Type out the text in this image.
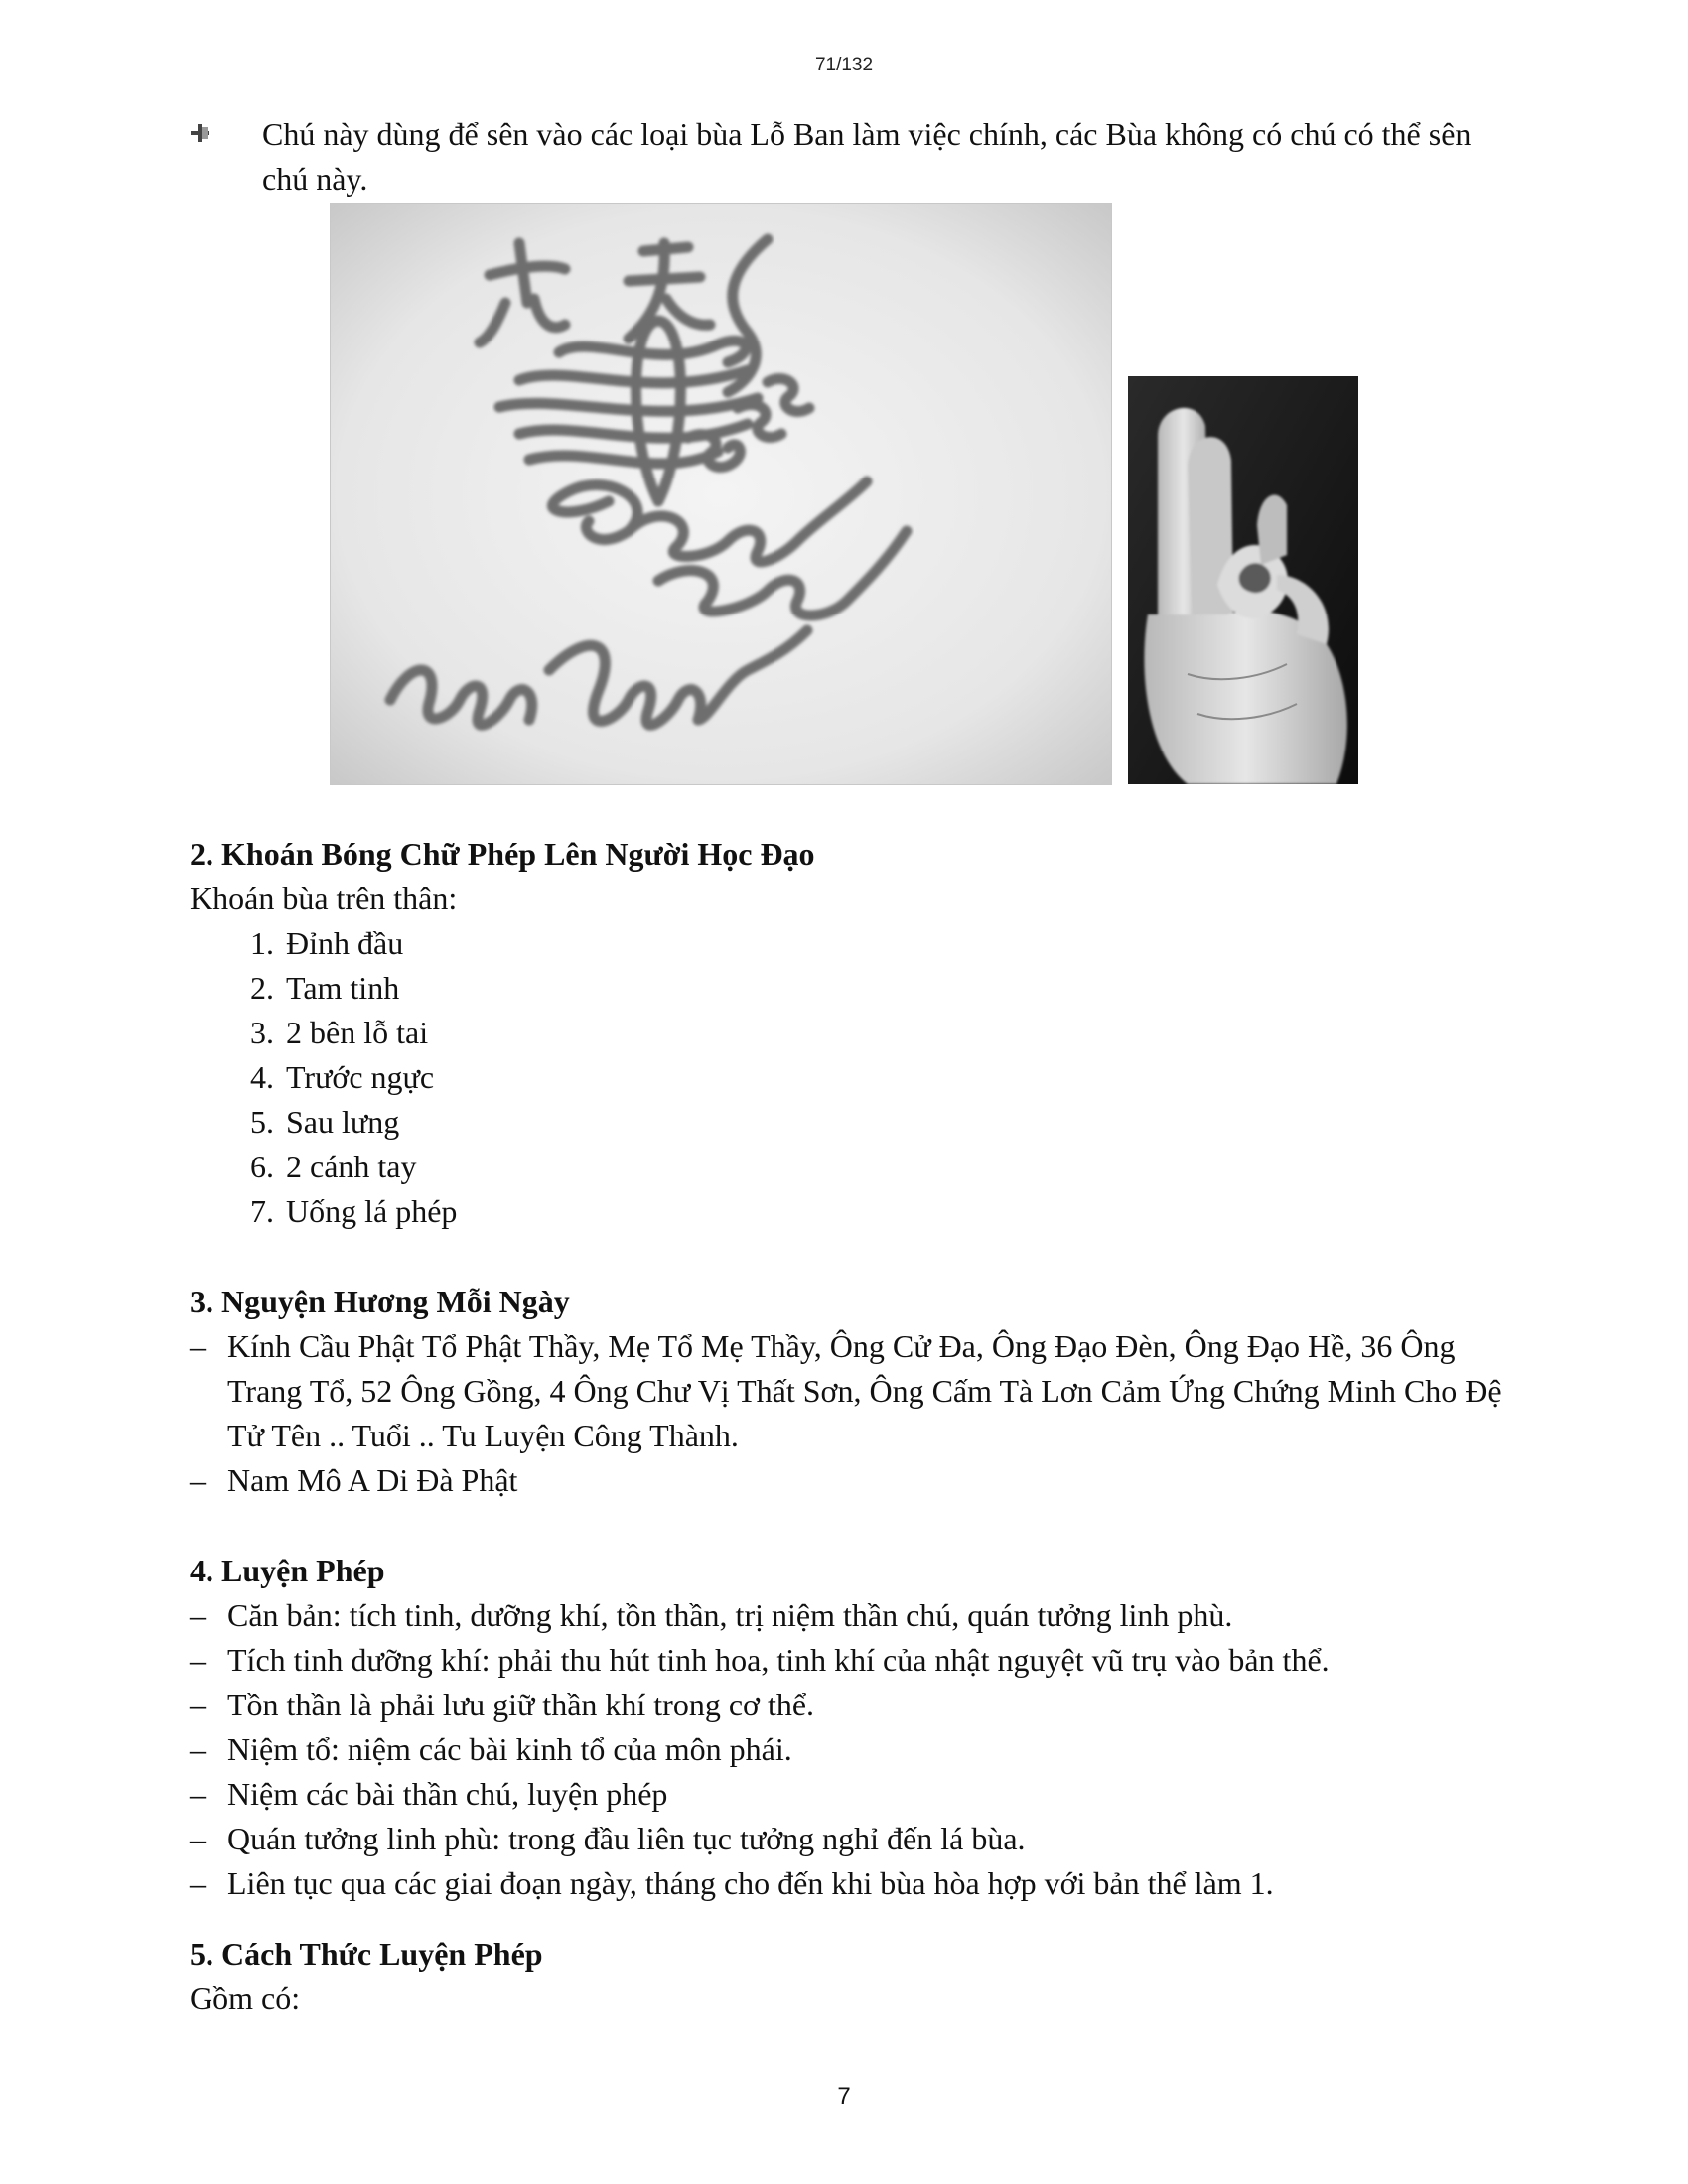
71/132
Chú này dùng để sên vào các loại bùa Lỗ Ban làm việc chính, các Bùa không có chú có thể sên chú này.
2. Khoán Bóng Chữ Phép Lên Người Học Đạo

Khoán bùa trên thân:

1. Đỉnh đầu
2. Tam tinh
3. 2 bên lỗ tai
4. Trước ngực
5. Sau lưng
6. 2 cánh tay
7. Uống lá phép
3. Nguyện Hương Mỗi Ngày
– Kính Cầu Phật Tổ Phật Thầy, Mẹ Tổ Mẹ Thầy, Ông Cử Đa, Ông Đạo Đèn, Ông Đạo Hề, 36 Ông Trang Tổ, 52 Ông Gồng, 4 Ông Chư Vị Thất Sơn, Ông Cấm Tà Lơn Cảm Ứng Chứng Minh Cho Đệ Tử Tên .. Tuổi .. Tu Luyện Công Thành.
– Nam Mô A Di Đà Phật
4. Luyện Phép
– Căn bản: tích tinh, dưỡng khí, tồn thần, trị niệm thần chú, quán tưởng linh phù.
– Tích tinh dưỡng khí: phải thu hút tinh hoa, tinh khí của nhật nguyệt vũ trụ vào bản thể.
– Tồn thần là phải lưu giữ thần khí trong cơ thể.
– Niệm tổ: niệm các bài kinh tổ của môn phái.
– Niệm các bài thần chú, luyện phép
– Quán tưởng linh phù: trong đầu liên tục tưởng nghỉ đến lá bùa.
– Liên tục qua các giai đoạn ngày, tháng cho đến khi bùa hòa hợp với bản thể làm 1.
5. Cách Thức Luyện Phép

Gồm có:

7
